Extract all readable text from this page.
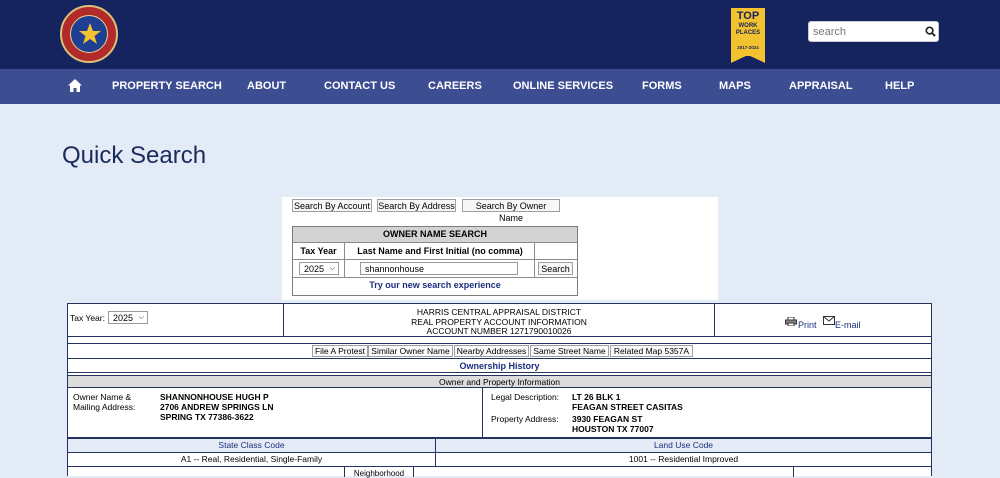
TOP
WORK PLACES
2017-2024
search
PROPERTY SEARCH ABOUT	CONTACT US	CAREERS	ONLINE SERVICES	FORMS	MAPS	APPRAISAL	HELP
Quick Search
Search By Account Search By Address	Search By Owner Name
OWNER NAME SEARCH
Tax Year	Last Name and First Initial (no comma)
2025 ⌵	shannonhouse	Search
Try our new search experience
Tax Year: 2025 ⌵
HARRIS CENTRAL APPRAISAL DISTRICT
REAL PROPERTY ACCOUNT INFORMATION
ACCOUNT NUMBER 1271790010026
Print E-mail
File A Protest Similar Owner Name Nearby Addresses Same Street Name Related Map 5357A
Ownership History
Owner and Property Information
Owner Name &
Mailing Address:
SHANNONHOUSE HUGH P
2706 ANDREW SPRINGS LN
SPRING TX 77386-3622
Legal Description: LT 26 BLK 1
FEAGAN STREET CASITAS
Property Address: 3930 FEAGAN ST
HOUSTON TX 77007
State Class Code	Land Use Code
A1 -- Real, Residential, Single-Family	1001 -- Residential Improved
Neighborhood
